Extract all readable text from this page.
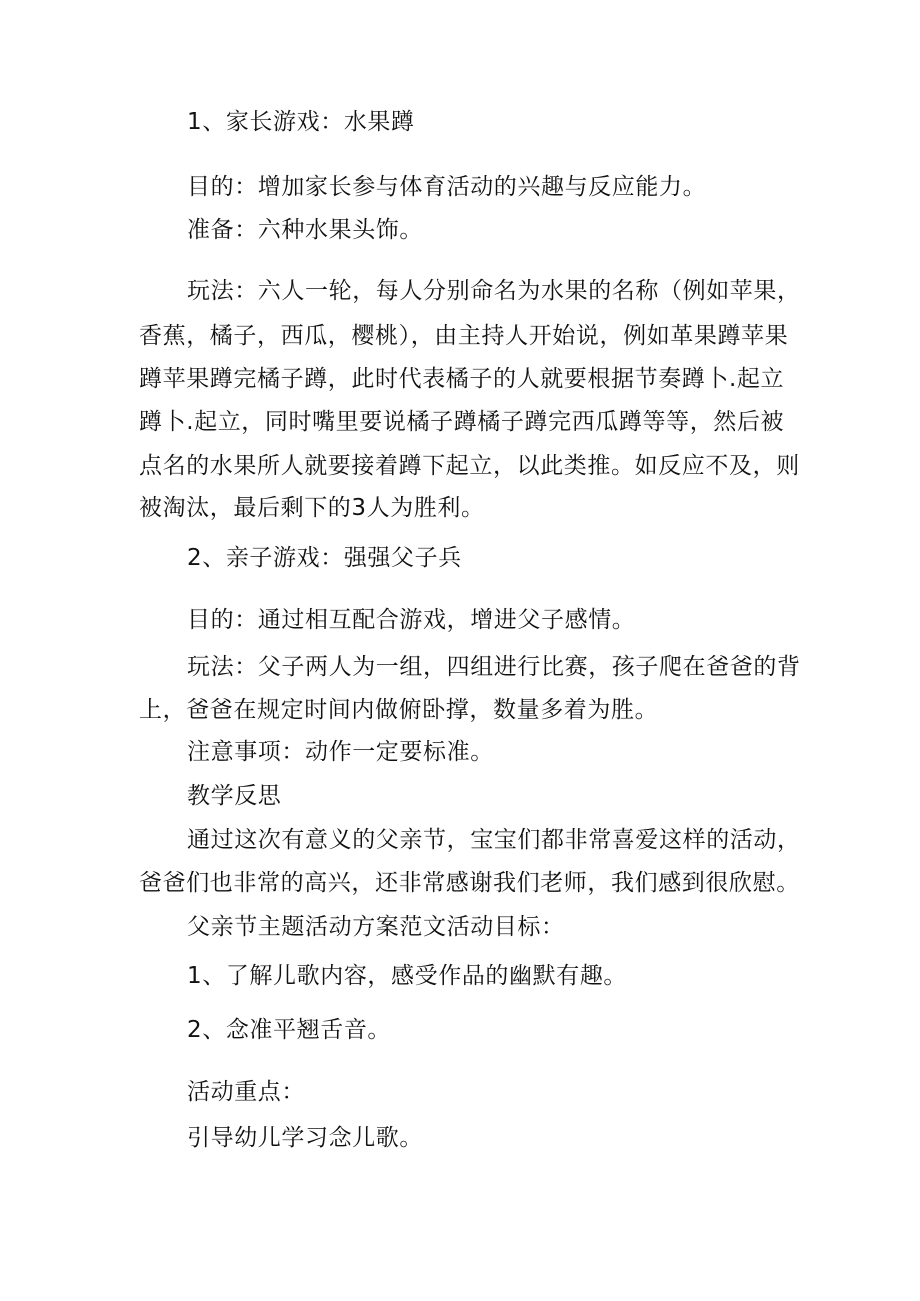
1、家长游戏：水果蹲
目的：增加家长参与体育活动的兴趣与反应能力。
准备：六种水果头饰。
玩法：六人一轮，每人分别命名为水果的名称（例如苹果，
香蕉，橘子，西瓜，樱桃），由主持人开始说，例如革果蹲苹果
蹲苹果蹲完橘子蹲，此时代表橘子的人就要根据节奏蹲卜.起立
蹲卜.起立，同时嘴里要说橘子蹲橘子蹲完西瓜蹲等等，然后被
点名的水果所人就要接着蹲下起立，以此类推。如反应不及，则
被淘汰，最后剩下的3人为胜利。
2、亲子游戏：强强父子兵
目的：通过相互配合游戏，增进父子感情。
玩法：父子两人为一组，四组进行比赛，孩子爬在爸爸的背
上，爸爸在规定时间内做俯卧撑，数量多着为胜。
注意事项：动作一定要标准。
教学反思
通过这次有意义的父亲节，宝宝们都非常喜爱这样的活动，
爸爸们也非常的高兴，还非常感谢我们老师，我们感到很欣慰。
父亲节主题活动方案范文活动目标：
1、了解儿歌内容，感受作品的幽默有趣。
2、念准平翘舌音。
活动重点：
引导幼儿学习念儿歌。
